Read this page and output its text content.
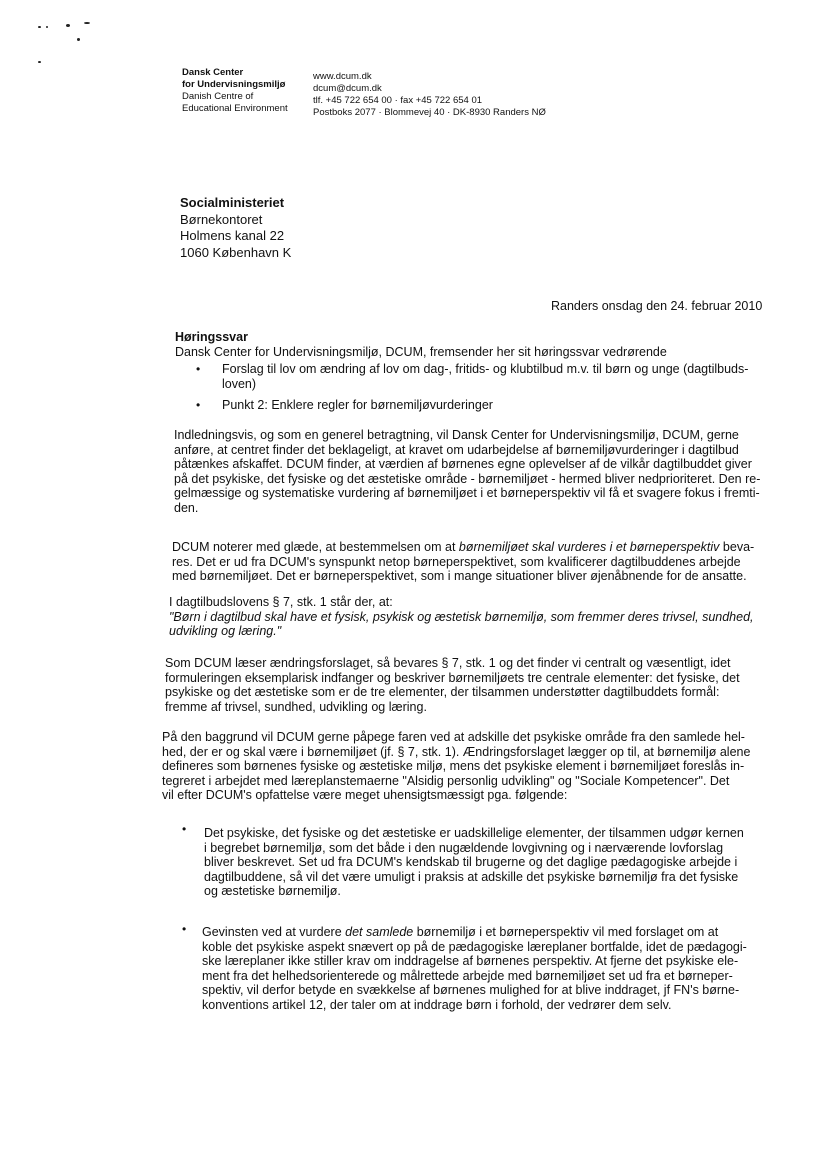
Dansk Center
for Undervisningsmiljø
Danish Centre of
Educational Environment
www.dcum.dk
dcum@dcum.dk
tlf. +45 722 654 00 · fax +45 722 654 01
Postboks 2077 · Blommevej 40 · DK-8930 Randers NØ
Socialministeriet
Børnekontoret
Holmens kanal 22
1060 København K
Randers onsdag den 24. februar 2010
Høringssvar
Dansk Center for Undervisningsmiljø, DCUM, fremsender her sit høringssvar vedrørende
• Forslag til lov om ændring af lov om dag-, fritids- og klubtilbud m.v. til børn og unge (dagtilbuds-
loven)
• Punkt 2: Enklere regler for børnemiljøvurderinger
Indledningsvis, og som en generel betragtning, vil Dansk Center for Undervisningsmiljø, DCUM, gerne
anføre, at centret finder det beklageligt, at kravet om udarbejdelse af børnemiljøvurderinger i dagtilbud
påtænkes afskaffet. DCUM finder, at værdien af børnenes egne oplevelser af de vilkår dagtilbuddet giver
på det psykiske, det fysiske og det æstetiske område - børnemiljøet - hermed bliver nedprioriteret. Den re-
gelmæssige og systematiske vurdering af børnemiljøet i et børneperspektiv vil få et svagere fokus i fremti-
den.
DCUM noterer med glæde, at bestemmelsen om at børnemiljøet skal vurderes i et børneperspektiv beva-
res. Det er ud fra DCUM's synspunkt netop børneperspektivet, som kvalificerer dagtilbuddenes arbejde
med børnemiljøet. Det er børneperspektivet, som i mange situationer bliver øjenåbnende for de ansatte.
I dagtilbudslovens § 7, stk. 1 står der, at:
"Børn i dagtilbud skal have et fysisk, psykisk og æstetisk børnemiljø, som fremmer deres trivsel, sundhed,
udvikling og læring."
Som DCUM læser ændringsforslaget, så bevares § 7, stk. 1 og det finder vi centralt og væsentligt, idet
formuleringen eksemplarisk indfanger og beskriver børnemiljøets tre centrale elementer: det fysiske, det
psykiske og det æstetiske som er de tre elementer, der tilsammen understøtter dagtilbuddets formål:
fremme af trivsel, sundhed, udvikling og læring.
På den baggrund vil DCUM gerne påpege faren ved at adskille det psykiske område fra den samlede hel-
hed, der er og skal være i børnemiljøet (jf. § 7, stk. 1). Ændringsforslaget lægger op til, at børnemiljø alene
defineres som børnenes fysiske og æstetiske miljø, mens det psykiske element i børnemiljøet foreslås in-
tegreret i arbejdet med læreplanstemaerne "Alsidig personlig udvikling" og "Sociale Kompetencer". Det
vil efter DCUM's opfattelse være meget uhensigtsmæssigt pga. følgende:
• Det psykiske, det fysiske og det æstetiske er uadskillelige elementer, der tilsammen udgør kernen
i begrebet børnemiljø, som det både i den nugældende lovgivning og i nærværende lovforslag
bliver beskrevet. Set ud fra DCUM's kendskab til brugerne og det daglige pædagogiske arbejde i
dagtilbuddene, så vil det være umuligt i praksis at adskille det psykiske børnemiljø fra det fysiske
og æstetiske børnemiljø.
• Gevinsten ved at vurdere det samlede børnemiljø i et børneperspektiv vil med forslaget om at
koble det psykiske aspekt snævert op på de pædagogiske læreplaner bortfalde, idet de pædagogi-
ske læreplaner ikke stiller krav om inddragelse af børnenes perspektiv. At fjerne det psykiske ele-
ment fra det helhedsorienterede og målrettede arbejde med børnemiljøet set ud fra et børneper-
spektiv, vil derfor betyde en svækkelse af børnenes mulighed for at blive inddraget, jf FN's børne-
konventions artikel 12, der taler om at inddrage børn i forhold, der vedrører dem selv.
